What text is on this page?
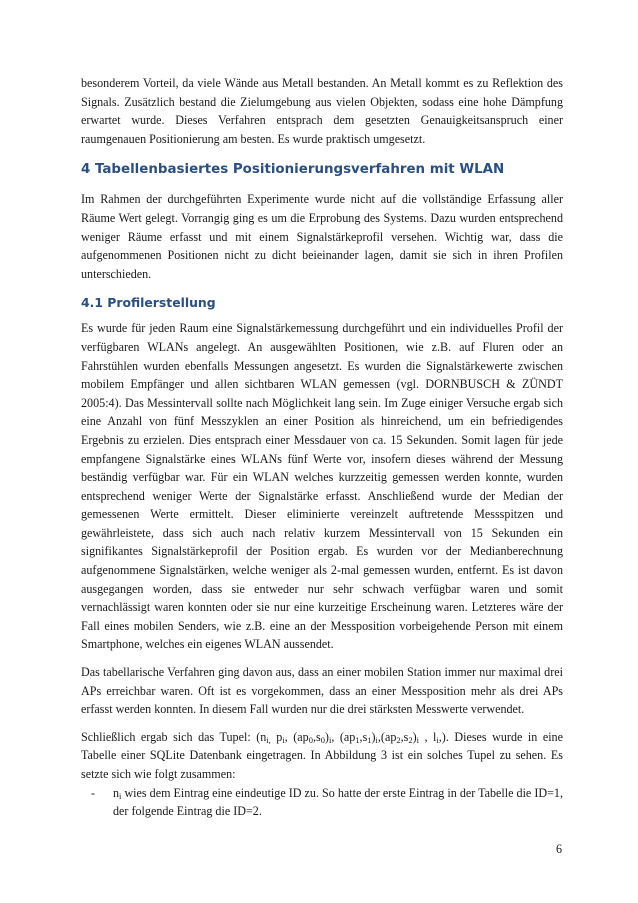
besonderem Vorteil, da viele Wände aus Metall bestanden. An Metall kommt es zu Reflektion des Signals. Zusätzlich bestand die Zielumgebung aus vielen Objekten, sodass eine hohe Dämpfung erwartet wurde. Dieses Verfahren entsprach dem gesetzten Genauigkeitsanspruch einer raumgenauen Positionierung am besten. Es wurde praktisch umgesetzt.

4 Tabellenbasiertes Positionierungsverfahren mit WLAN

Im Rahmen der durchgeführten Experimente wurde nicht auf die vollständige Erfassung aller Räume Wert gelegt. Vorrangig ging es um die Erprobung des Systems. Dazu wurden entsprechend weniger Räume erfasst und mit einem Signalstärkeprofil versehen. Wichtig war, dass die aufgenommenen Positionen nicht zu dicht beieinander lagen, damit sie sich in ihren Profilen unterschieden.

4.1 Profilerstellung

Es wurde für jeden Raum eine Signalstärkemessung durchgeführt und ein individuelles Profil der verfügbaren WLANs angelegt. An ausgewählten Positionen, wie z.B. auf Fluren oder an Fahrstühlen wurden ebenfalls Messungen angesetzt. Es wurden die Signalstärkewerte zwischen mobilem Empfänger und allen sichtbaren WLAN gemessen (vgl. DORNBUSCH & ZÜNDT 2005:4). Das Messintervall sollte nach Möglichkeit lang sein. Im Zuge einiger Versuche ergab sich eine Anzahl von fünf Messzyklen an einer Position als hinreichend, um ein befriedigendes Ergebnis zu erzielen. Dies entsprach einer Messdauer von ca. 15 Sekunden. Somit lagen für jede empfangene Signalstärke eines WLANs fünf Werte vor, insofern dieses während der Messung beständig verfügbar war. Für ein WLAN welches kurzzeitig gemessen werden konnte, wurden entsprechend weniger Werte der Signalstärke erfasst. Anschließend wurde der Median der gemessenen Werte ermittelt. Dieser eliminierte vereinzelt auftretende Messspitzen und gewährleistete, dass sich auch nach relativ kurzem Messintervall von 15 Sekunden ein signifikantes Signalstärkeprofil der Position ergab. Es wurden vor der Medianberechnung aufgenommene Signalstärken, welche weniger als 2-mal gemessen wurden, entfernt. Es ist davon ausgegangen worden, dass sie entweder nur sehr schwach verfügbar waren und somit vernachlässigt waren konnten oder sie nur eine kurzeitige Erscheinung waren. Letzteres wäre der Fall eines mobilen Senders, wie z.B. eine an der Messposition vorbeigehende Person mit einem Smartphone, welches ein eigenes WLAN aussendet.

Das tabellarische Verfahren ging davon aus, dass an einer mobilen Station immer nur maximal drei APs erreichbar waren. Oft ist es vorgekommen, dass an einer Messposition mehr als drei APs erfasst werden konnten. In diesem Fall wurden nur die drei stärksten Messwerte verwendet.

Schließlich ergab sich das Tupel: ($n_{i,}$ $p_i$, $(ap_0,s_0)_i$, $(ap_1,s_1)_i,(ap_2,s_2)_i$ , $l_i$,). Dieses wurde in eine Tabelle einer SQLite Datenbank eingetragen. In Abbildung 3 ist ein solches Tupel zu sehen. Es setzte sich wie folgt zusammen:

- $n_i$ wies dem Eintrag eine eindeutige ID zu. So hatte der erste Eintrag in der Tabelle die ID=1, der folgende Eintrag die ID=2.
6
